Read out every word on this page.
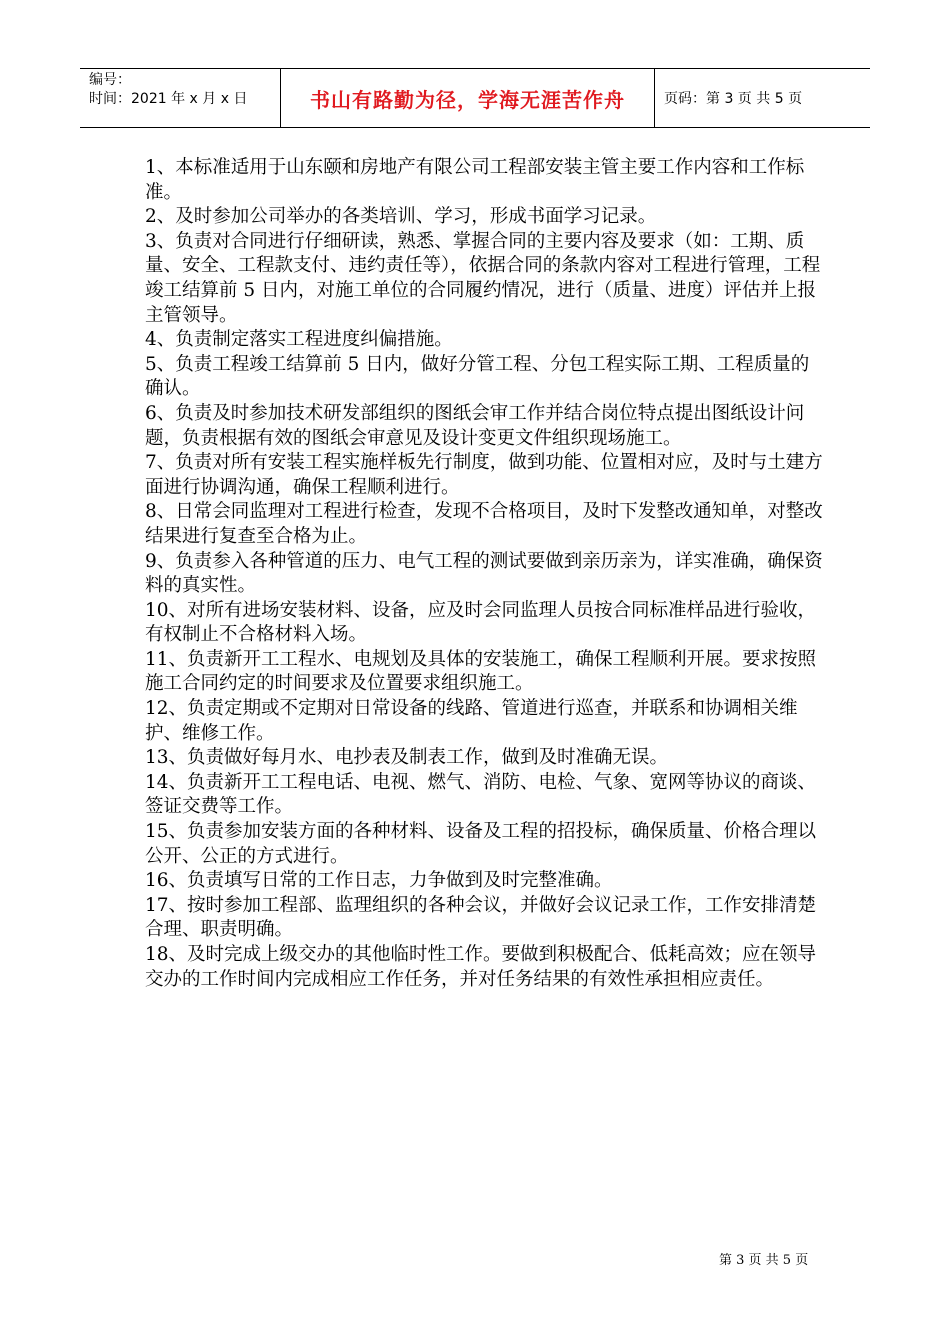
编号：
时间：2021 年 x 月 x 日	书山有路勤为径，学海无涯苦作舟	页码：第 3 页 共 5 页

1、本标准适用于山东颐和房地产有限公司工程部安装主管主要工作内容和工作标准。

2、及时参加公司举办的各类培训、学习，形成书面学习记录。

3、负责对合同进行仔细研读，熟悉、掌握合同的主要内容及要求（如：工期、质量、安全、工程款支付、违约责任等），依据合同的条款内容对工程进行管理，工程竣工结算前 5 日内，对施工单位的合同履约情况，进行（质量、进度）评估并上报主管领导。

4、负责制定落实工程进度纠偏措施。

5、负责工程竣工结算前 5 日内，做好分管工程、分包工程实际工期、工程质量的确认。

6、负责及时参加技术研发部组织的图纸会审工作并结合岗位特点提出图纸设计问题，负责根据有效的图纸会审意见及设计变更文件组织现场施工。

7、负责对所有安装工程实施样板先行制度，做到功能、位置相对应，及时与土建方面进行协调沟通，确保工程顺利进行。

8、日常会同监理对工程进行检查，发现不合格项目，及时下发整改通知单，对整改结果进行复查至合格为止。

9、负责参入各种管道的压力、电气工程的测试要做到亲历亲为，详实准确，确保资料的真实性。

10、对所有进场安装材料、设备，应及时会同监理人员按合同标准样品进行验收，有权制止不合格材料入场。

11、负责新开工工程水、电规划及具体的安装施工，确保工程顺利开展。要求按照施工合同约定的时间要求及位置要求组织施工。

12、负责定期或不定期对日常设备的线路、管道进行巡查，并联系和协调相关维护、维修工作。

13、负责做好每月水、电抄表及制表工作，做到及时准确无误。

14、负责新开工工程电话、电视、燃气、消防、电检、气象、宽网等协议的商谈、签证交费等工作。

15、负责参加安装方面的各种材料、设备及工程的招投标，确保质量、价格合理以公开、公正的方式进行。

16、负责填写日常的工作日志，力争做到及时完整准确。

17、按时参加工程部、监理组织的各种会议，并做好会议记录工作，工作安排清楚合理、职责明确。

18、及时完成上级交办的其他临时性工作。要做到积极配合、低耗高效；应在领导交办的工作时间内完成相应工作任务，并对任务结果的有效性承担相应责任。

第 3 页 共 5 页
